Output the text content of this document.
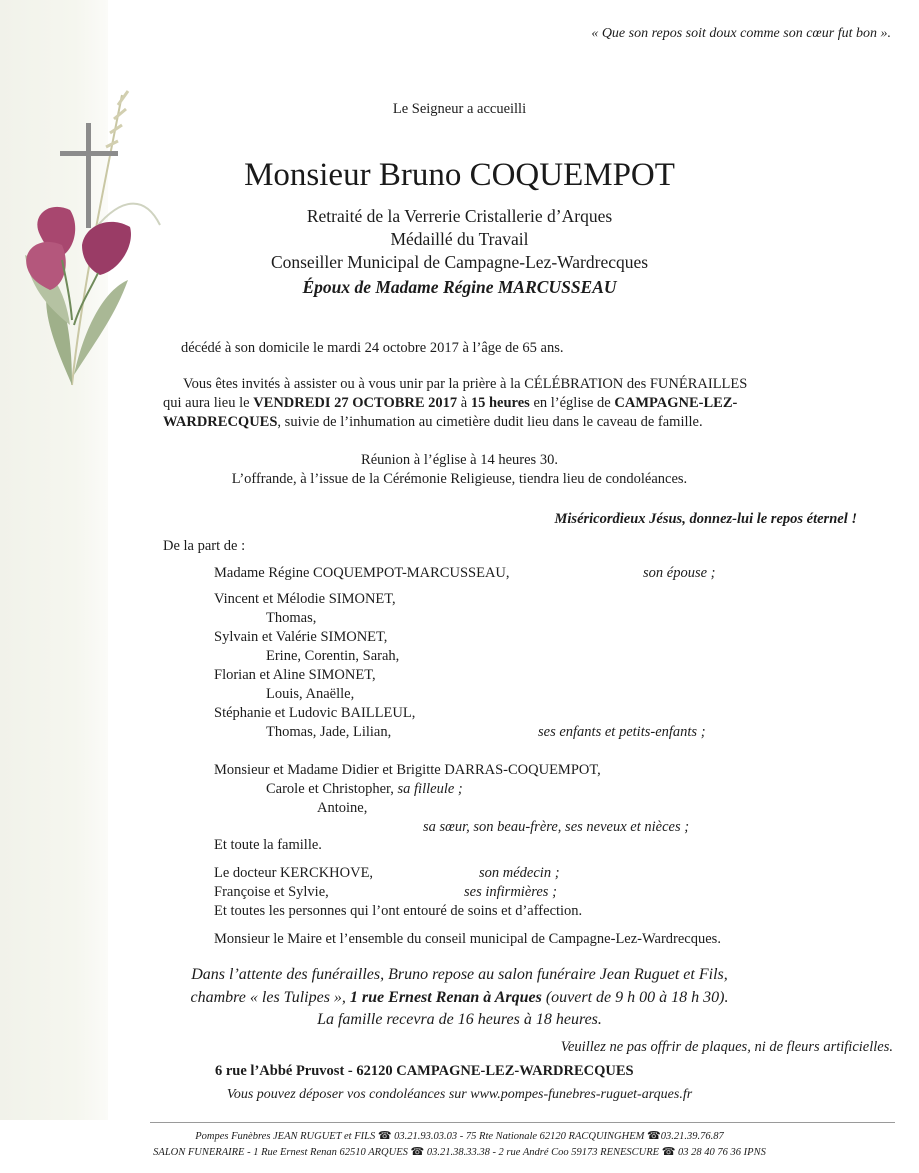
« Que son repos soit doux comme son cœur fut bon ».
Le Seigneur a accueilli
Monsieur Bruno COQUEMPOT
Retraité de la Verrerie Cristallerie d’Arques
Médaillé du Travail
Conseiller Municipal de Campagne-Lez-Wardrecques
Époux de Madame Régine MARCUSSEAU
décédé à son domicile le mardi 24 octobre 2017 à l’âge de 65 ans.
Vous êtes invités à assister ou à vous unir par la prière à la CÉLÉBRATION des FUNÉRAILLES
qui aura lieu le VENDREDI 27 OCTOBRE 2017 à 15 heures en l’église de CAMPAGNE-LEZ-
WARDRECQUES, suivie de l’inhumation au cimetière dudit lieu dans le caveau de famille.
Réunion à l’église à 14 heures 30.
L’offrande, à l’issue de la Cérémonie Religieuse, tiendra lieu de condoléances.
Miséricordieux Jésus, donnez-lui le repos éternel !
De la part de :
Madame Régine COQUEMPOT-MARCUSSEAU,	son épouse ;
Vincent et Mélodie SIMONET,
Thomas,
Sylvain et Valérie SIMONET,
Erine, Corentin, Sarah,
Florian et Aline SIMONET,
Louis, Anaëlle,
Stéphanie et Ludovic BAILLEUL,
Thomas, Jade, Lilian,	ses enfants et petits-enfants ;
Monsieur et Madame Didier et Brigitte DARRAS-COQUEMPOT,
Carole et Christopher, sa filleule ;
Antoine,
sa sœur, son beau-frère, ses neveux et nièces ;
Et toute la famille.
Le docteur KERCKHOVE,	son médecin ;
Françoise et Sylvie,	ses infirmières ;
Et toutes les personnes qui l’ont entouré de soins et d’affection.
Monsieur le Maire et l’ensemble du conseil municipal de Campagne-Lez-Wardrecques.
Dans l’attente des funérailles, Bruno repose au salon funéraire Jean Ruguet et Fils,
chambre « les Tulipes », 1 rue Ernest Renan à Arques (ouvert de 9 h 00 à 18 h 30).
La famille recevra de 16 heures à 18 heures.
Veuillez ne pas offrir de plaques, ni de fleurs artificielles.
6 rue l’Abbé Pruvost - 62120 CAMPAGNE-LEZ-WARDRECQUES
Vous pouvez déposer vos condoléances sur www.pompes-funebres-ruguet-arques.fr
Pompes Funèbres JEAN RUGUET et FILS ☎ 03.21.93.03.03 - 75 Rte Nationale 62120 RACQUINGHEM ☎03.21.39.76.87
SALON FUNERAIRE - 1 Rue Ernest Renan 62510 ARQUES ☎ 03.21.38.33.38 - 2 rue André Coo 59173 RENESCURE ☎ 03 28 40 76 36 IPNS
